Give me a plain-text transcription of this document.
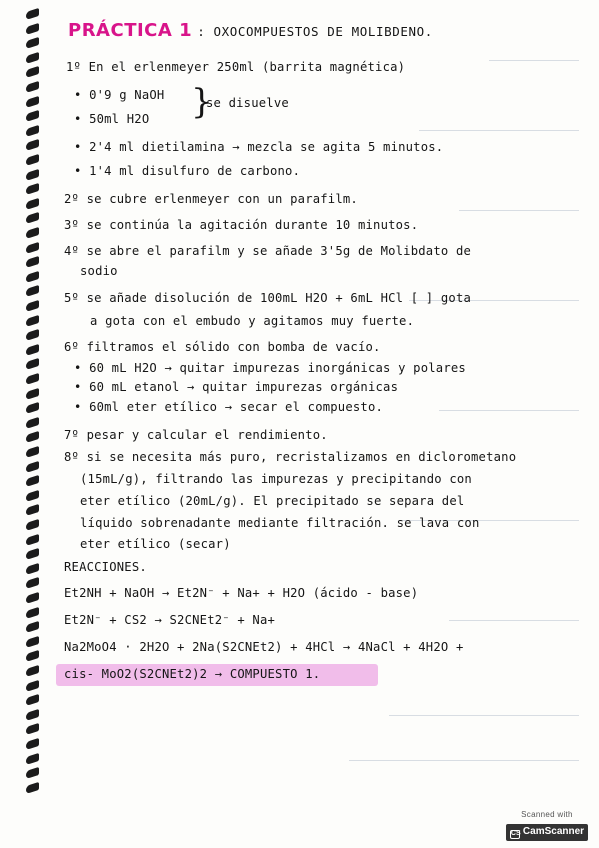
PRÁCTICA 1 : OXOCOMPUESTOS DE MOLIBDENO.
1º En el erlenmeyer 250ml (barrita magnética)
• 0'9 g NaOH
• 50ml H2O }
se disuelve
• 2'4 ml dietilamina → mezcla se agita 5 minutos.
• 1'4 ml disulfuro de carbono.
2º se cubre erlenmeyer con un parafilm.
3º se continúa la agitación durante 10 minutos.
4º se abre el parafilm y se añade 3'5g de Molibdato de
sodio
5º se añade disolución de 100mL H2O + 6mL HCl [ ] gota
a gota con el embudo y agitamos muy fuerte.
6º filtramos el sólido con bomba de vacío.
• 60 mL H2O → quitar impurezas inorgánicas y polares
• 60 mL etanol → quitar impurezas orgánicas
• 60ml eter etílico → secar el compuesto.
7º pesar y calcular el rendimiento.
8º si se necesita más puro, recristalizamos en diclorometano
(15mL/g), filtrando las impurezas y precipitando con
eter etílico (20mL/g). El precipitado se separa del
líquido sobrenadante mediante filtración. se lava con
eter etílico (secar)
REACCIONES.
Et2NH + NaOH → Et2N⁻ + Na+ + H2O (ácido - base)
Et2N⁻ + CS2 → S2CNEt2⁻ + Na+
Na2MoO4 · 2H2O + 2Na(S2CNEt2) + 4HCl → 4NaCl + 4H2O +
cis- MoO2(S2CNEt2)2 → COMPUESTO 1.
Scanned with
CS CamScanner
